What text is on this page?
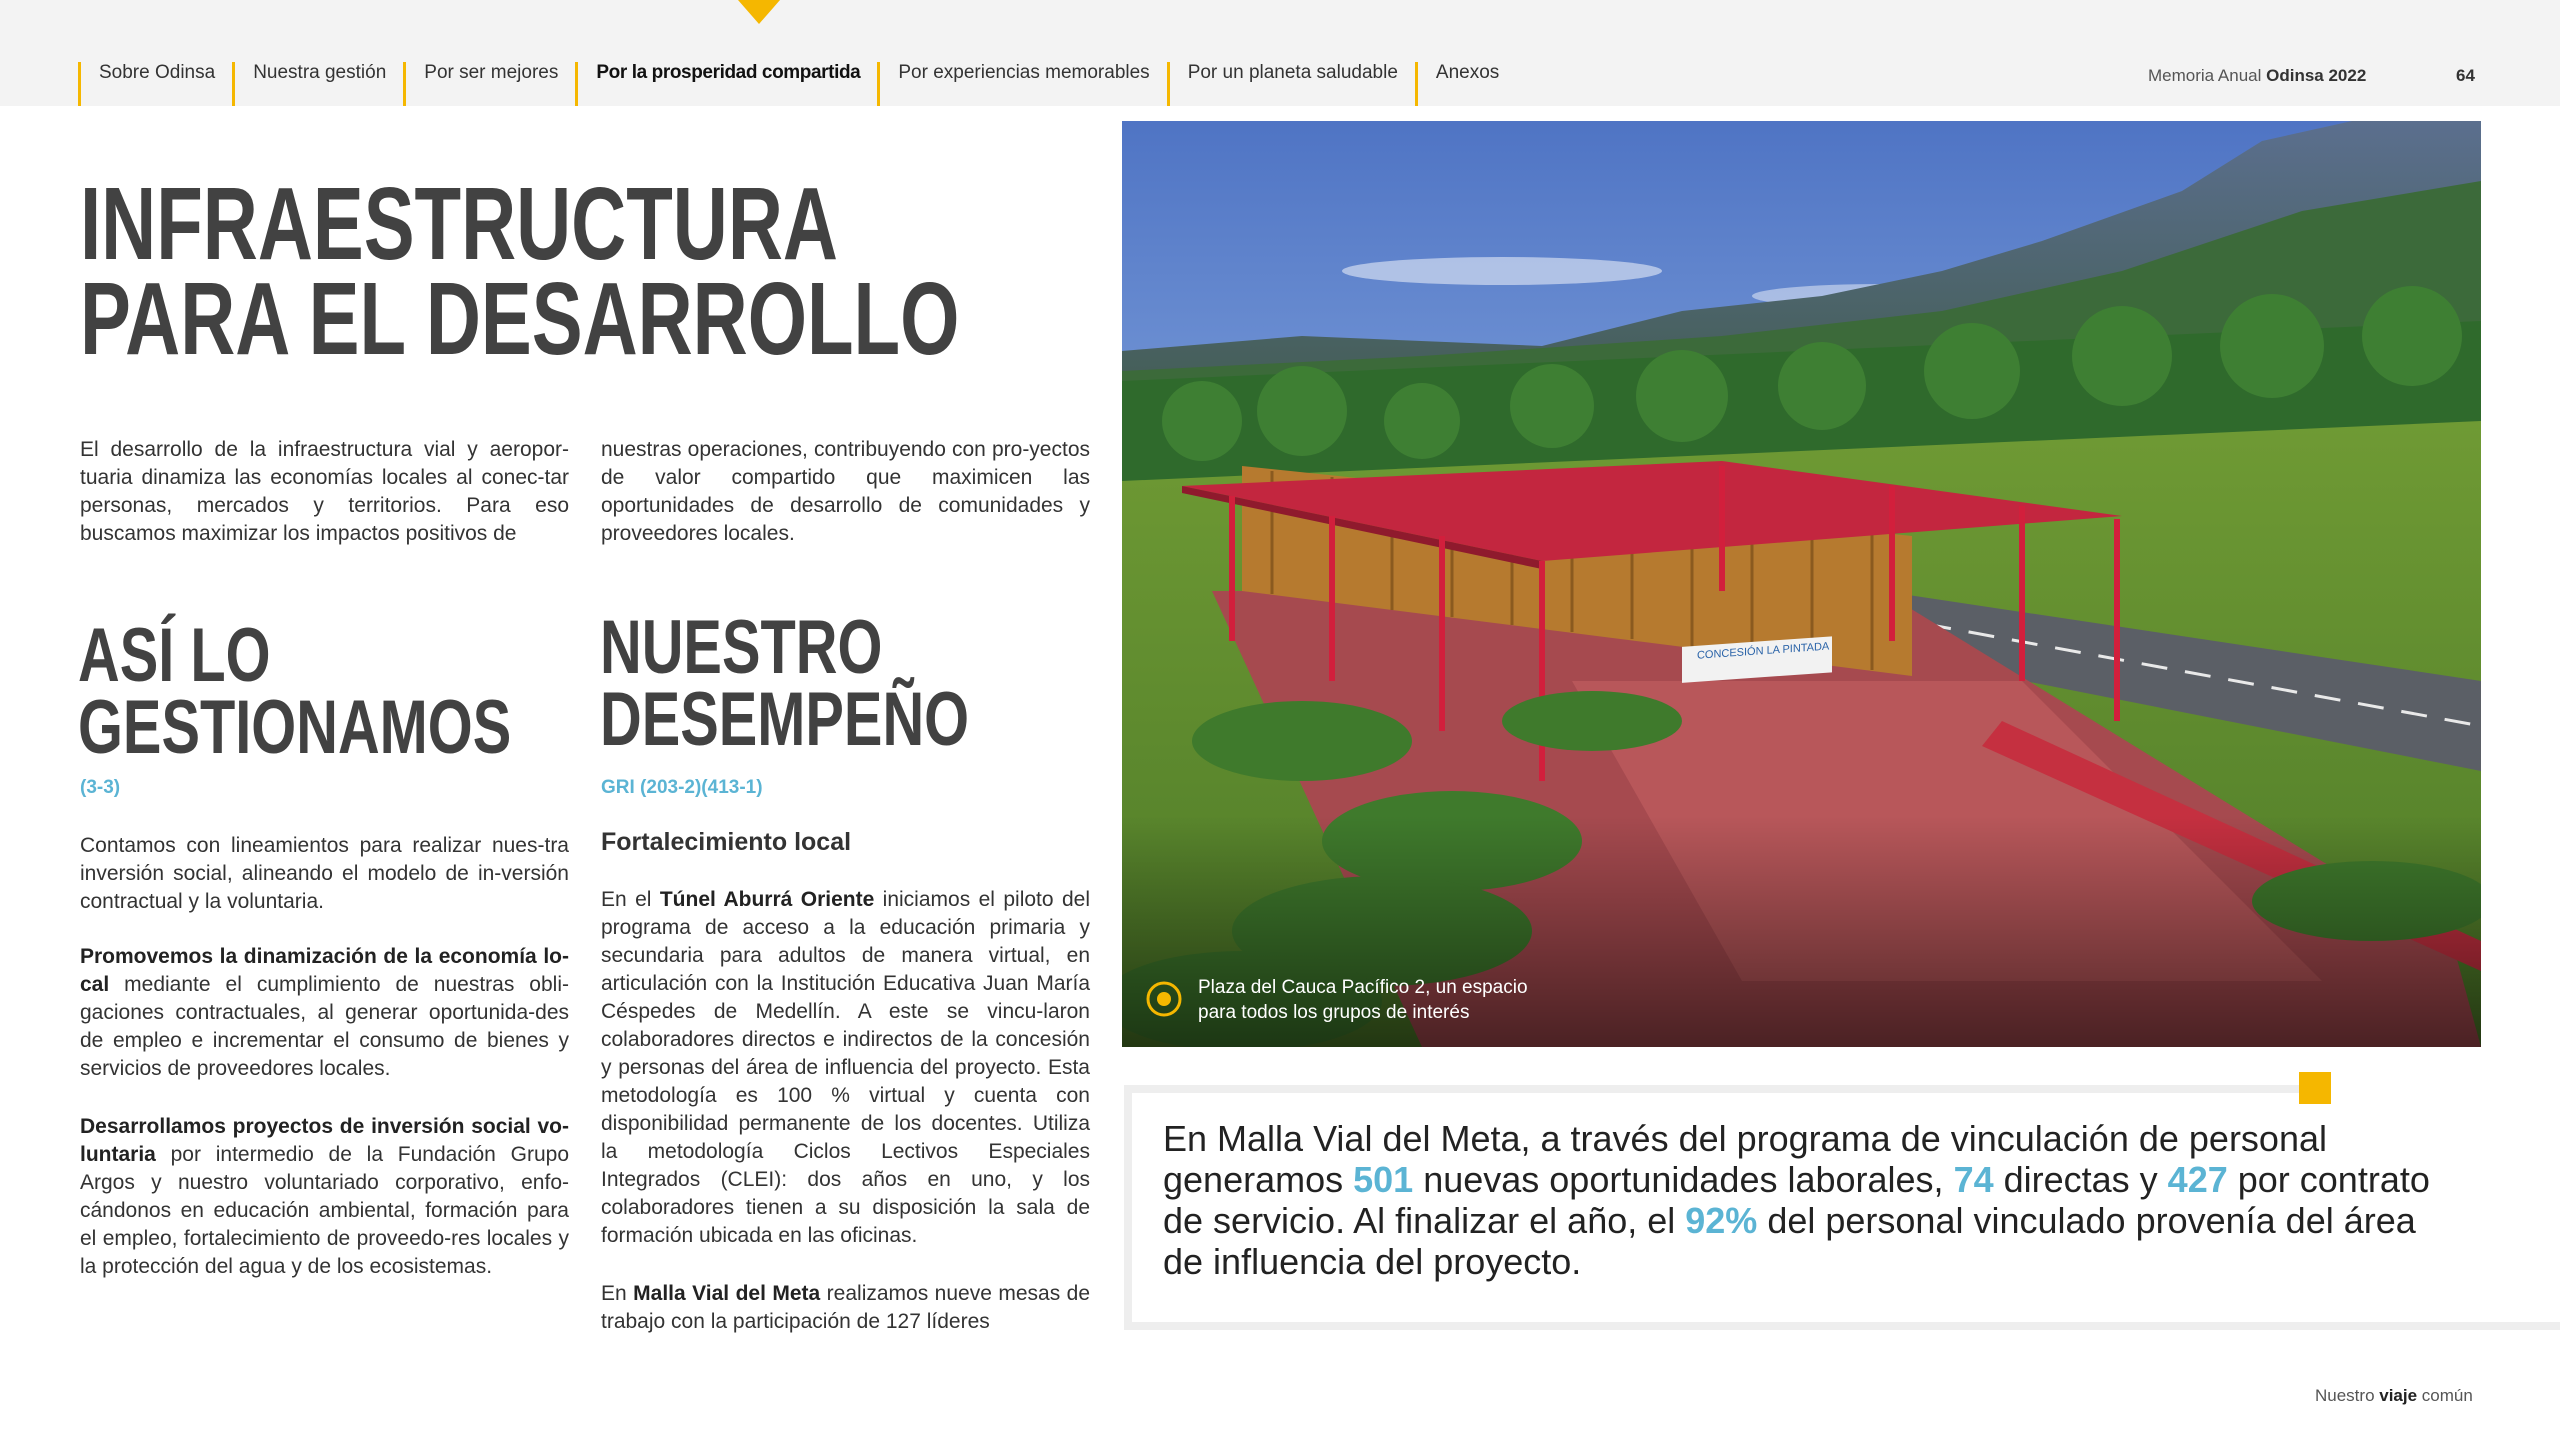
Sobre Odinsa	Nuestra gestión	Por ser mejores	Por la prosperidad compartida	Por experiencias memorables	Por un planeta saludable	Anexos	Memoria Anual Odinsa 2022	64
INFRAESTRUCTURA
PARA EL DESARROLLO
El desarrollo de la infraestructura vial y aeropor-tuaria dinamiza las economías locales al conec-tar personas, mercados y territorios. Para eso buscamos maximizar los impactos positivos de
nuestras operaciones, contribuyendo con pro-yectos de valor compartido que maximicen las oportunidades de desarrollo de comunidades y proveedores locales.
ASÍ LO
GESTIONAMOS
(3-3)
Contamos con lineamientos para realizar nues-tra inversión social, alineando el modelo de in-versión contractual y la voluntaria.
Promovemos la dinamización de la economía lo-cal mediante el cumplimiento de nuestras obli-gaciones contractuales, al generar oportunida-des de empleo e incrementar el consumo de bienes y servicios de proveedores locales.
Desarrollamos proyectos de inversión social vo-luntaria por intermedio de la Fundación Grupo Argos y nuestro voluntariado corporativo, enfo-cándonos en educación ambiental, formación para el empleo, fortalecimiento de proveedo-res locales y la protección del agua y de los ecosistemas.
NUESTRO
DESEMPEÑO
GRI (203-2)(413-1)
Fortalecimiento local
En el Túnel Aburrá Oriente iniciamos el piloto del programa de acceso a la educación primaria y secundaria para adultos de manera virtual, en articulación con la Institución Educativa Juan María Céspedes de Medellín. A este se vincu-laron colaboradores directos e indirectos de la concesión y personas del área de influencia del proyecto. Esta metodología es 100 % virtual y cuenta con disponibilidad permanente de los docentes. Utiliza la metodología Ciclos Lectivos Especiales Integrados (CLEI): dos años en uno, y los colaboradores tienen a su disposición la sala de formación ubicada en las oficinas.
En Malla Vial del Meta realizamos nueve mesas de trabajo con la participación de 127 líderes
Plaza del Cauca Pacífico 2, un espacio
para todos los grupos de interés
En Malla Vial del Meta, a través del programa de vinculación de personal generamos 501 nuevas oportunidades laborales, 74 directas y 427 por contrato de servicio. Al finalizar el año, el 92% del personal vinculado provenía del área de influencia del proyecto.
Nuestro viaje común
